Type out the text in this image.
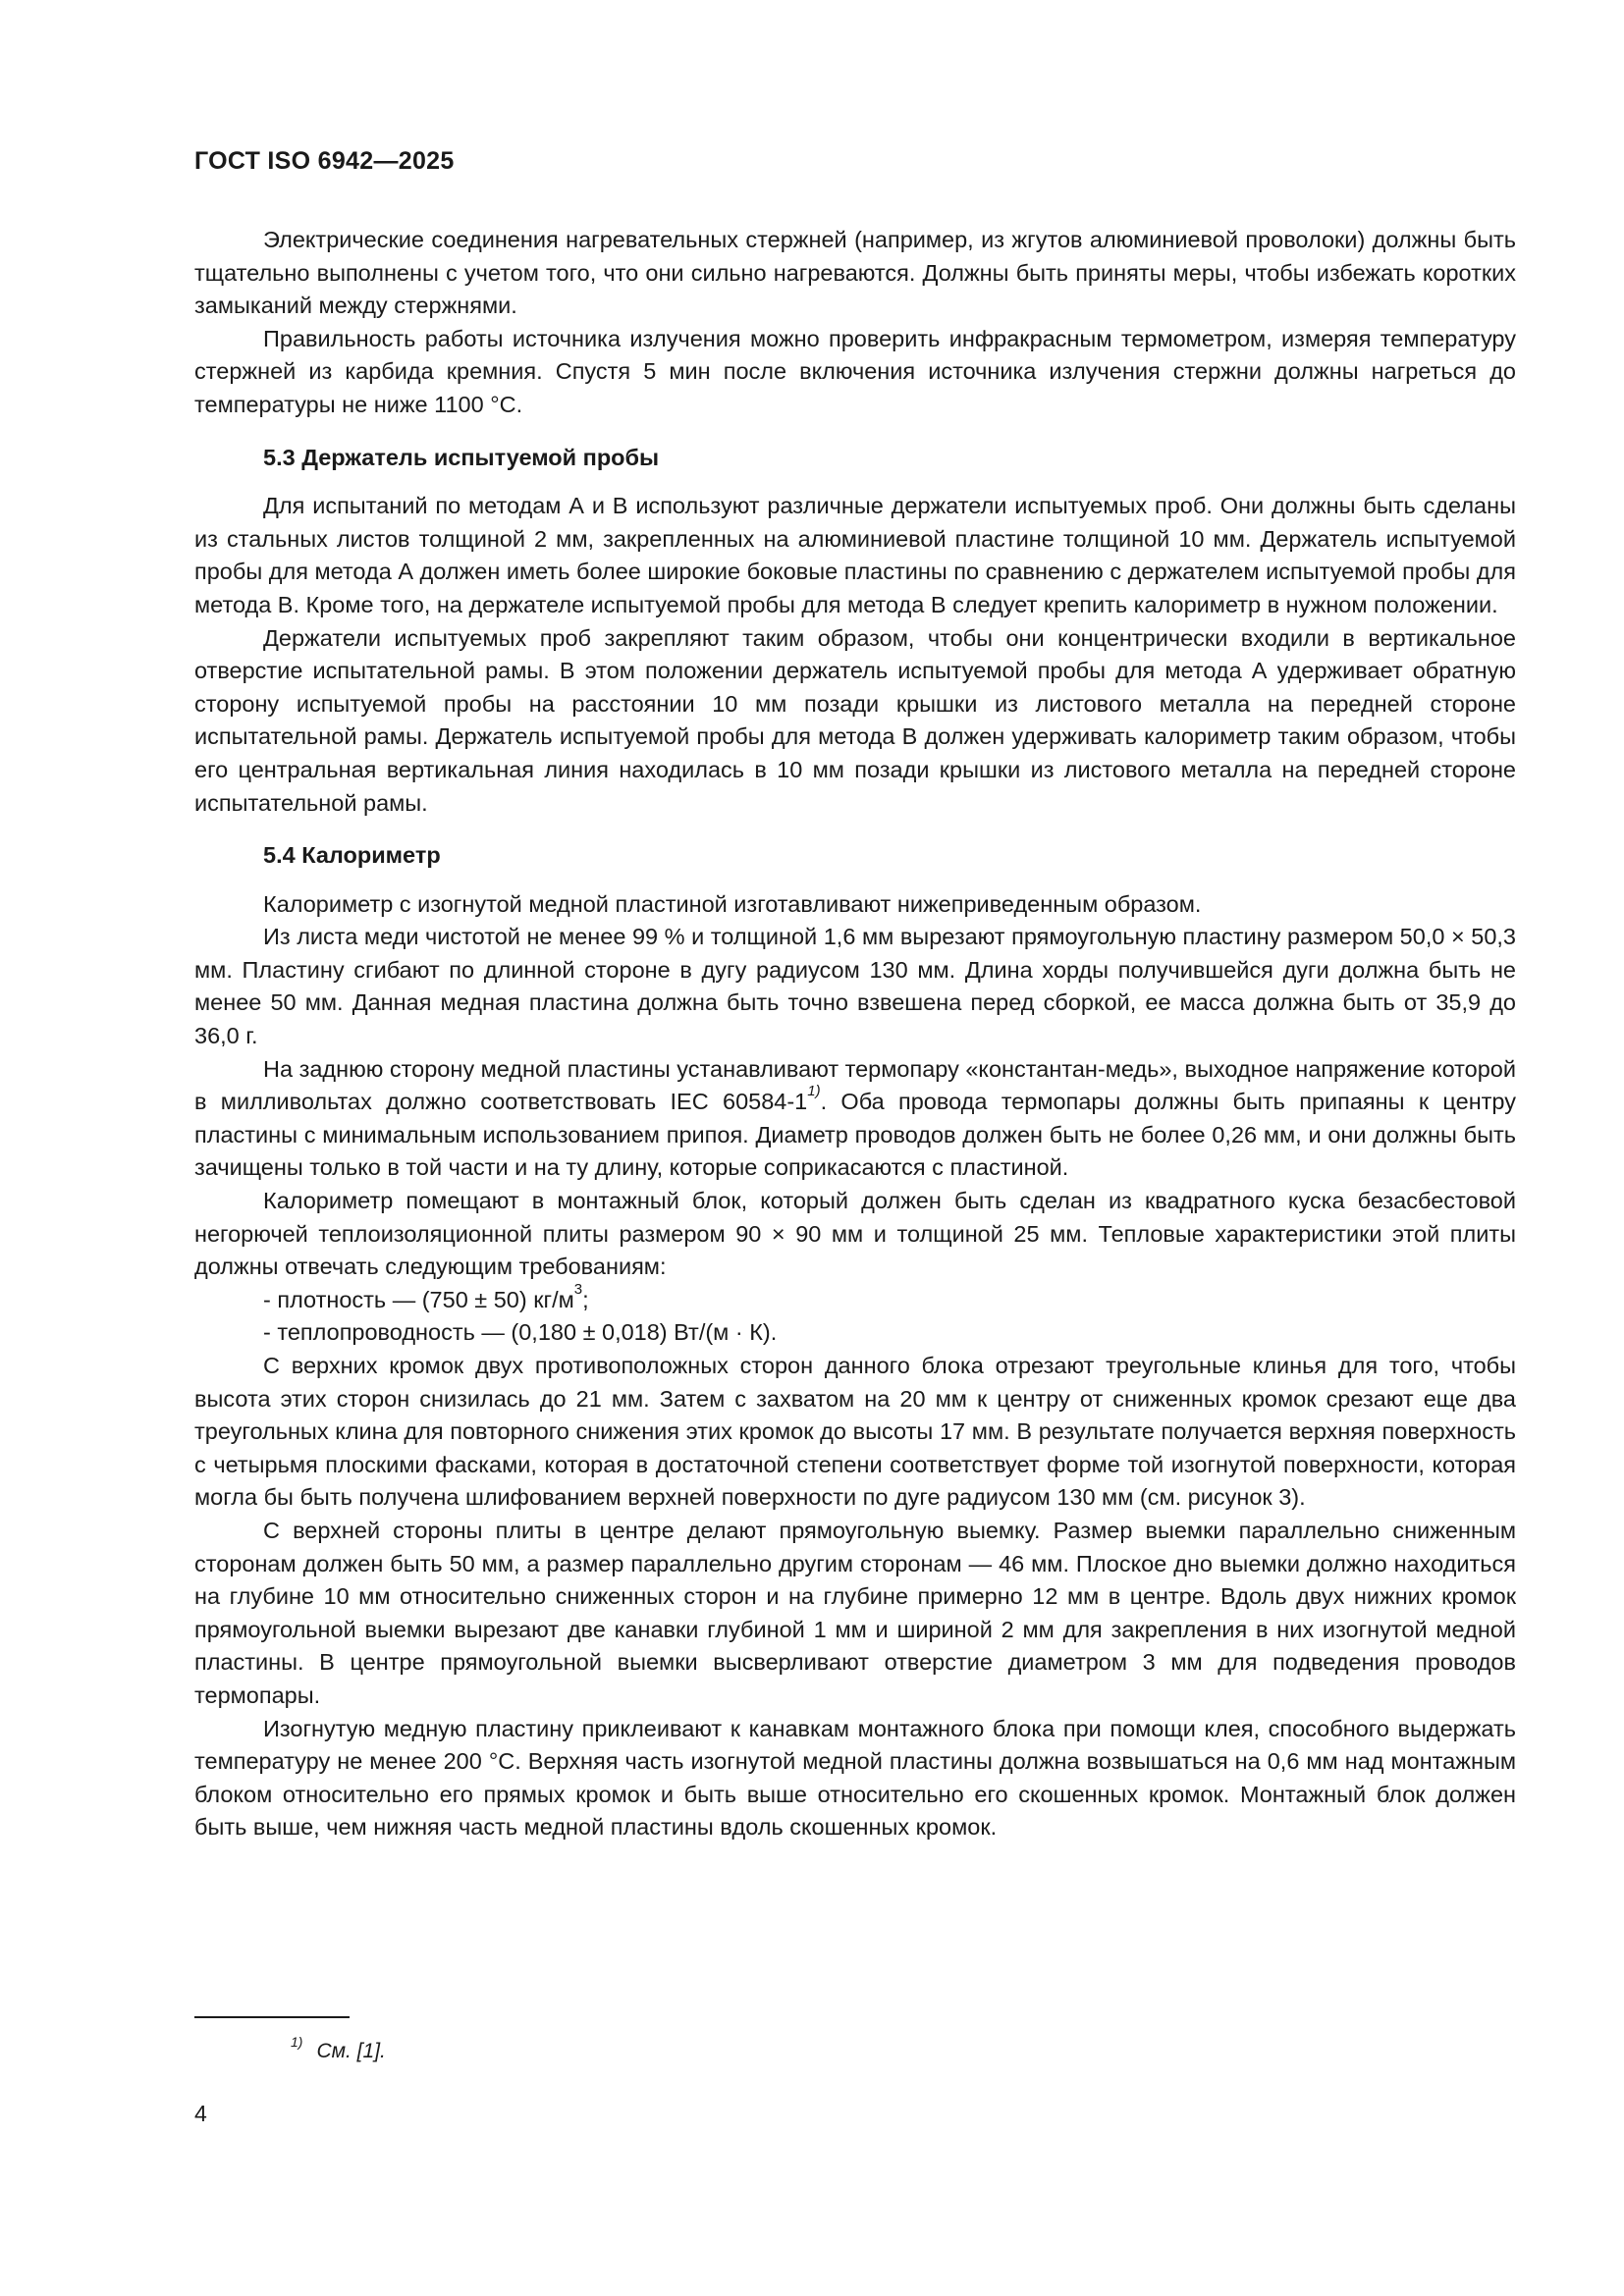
ГОСТ ISO 6942—2025

Электрические соединения нагревательных стержней (например, из жгутов алюминиевой проволоки) должны быть тщательно выполнены с учетом того, что они сильно нагреваются. Должны быть приняты меры, чтобы избежать коротких замыканий между стержнями.

Правильность работы источника излучения можно проверить инфракрасным термометром, измеряя температуру стержней из карбида кремния. Спустя 5 мин после включения источника излучения стержни должны нагреться до температуры не ниже 1100 °С.

5.3 Держатель испытуемой пробы

Для испытаний по методам А и В используют различные держатели испытуемых проб. Они должны быть сделаны из стальных листов толщиной 2 мм, закрепленных на алюминиевой пластине толщиной 10 мм. Держатель испытуемой пробы для метода А должен иметь более широкие боковые пластины по сравнению с держателем испытуемой пробы для метода В. Кроме того, на держателе испытуемой пробы для метода В следует крепить калориметр в нужном положении.

Держатели испытуемых проб закрепляют таким образом, чтобы они концентрически входили в вертикальное отверстие испытательной рамы. В этом положении держатель испытуемой пробы для метода А удерживает обратную сторону испытуемой пробы на расстоянии 10 мм позади крышки из листового металла на передней стороне испытательной рамы. Держатель испытуемой пробы для метода В должен удерживать калориметр таким образом, чтобы его центральная вертикальная линия находилась в 10 мм позади крышки из листового металла на передней стороне испытательной рамы.

5.4 Калориметр

Калориметр с изогнутой медной пластиной изготавливают нижеприведенным образом.

Из листа меди чистотой не менее 99 % и толщиной 1,6 мм вырезают прямоугольную пластину размером 50,0 × 50,3 мм. Пластину сгибают по длинной стороне в дугу радиусом 130 мм. Длина хорды получившейся дуги должна быть не менее 50 мм. Данная медная пластина должна быть точно взвешена перед сборкой, ее масса должна быть от 35,9 до 36,0 г.

На заднюю сторону медной пластины устанавливают термопару «константан-медь», выходное напряжение которой в милливольтах должно соответствовать IEC 60584-1$^{1)}$. Оба провода термопары должны быть припаяны к центру пластины с минимальным использованием припоя. Диаметр проводов должен быть не более 0,26 мм, и они должны быть зачищены только в той части и на ту длину, которые соприкасаются с пластиной.

Калориметр помещают в монтажный блок, который должен быть сделан из квадратного куска безасбестовой негорючей теплоизоляционной плиты размером 90 × 90 мм и толщиной 25 мм. Тепловые характеристики этой плиты должны отвечать следующим требованиям:

- плотность — (750 ± 50) $кг/м^3$;

- теплопроводность — (0,180 ± 0,018) Вт/(м · К).

С верхних кромок двух противоположных сторон данного блока отрезают треугольные клинья для того, чтобы высота этих сторон снизилась до 21 мм. Затем с захватом на 20 мм к центру от сниженных кромок срезают еще два треугольных клина для повторного снижения этих кромок до высоты 17 мм. В результате получается верхняя поверхность с четырьмя плоскими фасками, которая в достаточной степени соответствует форме той изогнутой поверхности, которая могла бы быть получена шлифованием верхней поверхности по дуге радиусом 130 мм (см. рисунок 3).

С верхней стороны плиты в центре делают прямоугольную выемку. Размер выемки параллельно сниженным сторонам должен быть 50 мм, а размер параллельно другим сторонам — 46 мм. Плоское дно выемки должно находиться на глубине 10 мм относительно сниженных сторон и на глубине примерно 12 мм в центре. Вдоль двух нижних кромок прямоугольной выемки вырезают две канавки глубиной 1 мм и шириной 2 мм для закрепления в них изогнутой медной пластины. В центре прямоугольной выемки высверливают отверстие диаметром 3 мм для подведения проводов термопары.

Изогнутую медную пластину приклеивают к канавкам монтажного блока при помощи клея, способного выдержать температуру не менее 200 °С. Верхняя часть изогнутой медной пластины должна возвышаться на 0,6 мм над монтажным блоком относительно его прямых кромок и быть выше относительно его скошенных кромок. Монтажный блок должен быть выше, чем нижняя часть медной пластины вдоль скошенных кромок.

$^{1)}$ См. [1].
4
